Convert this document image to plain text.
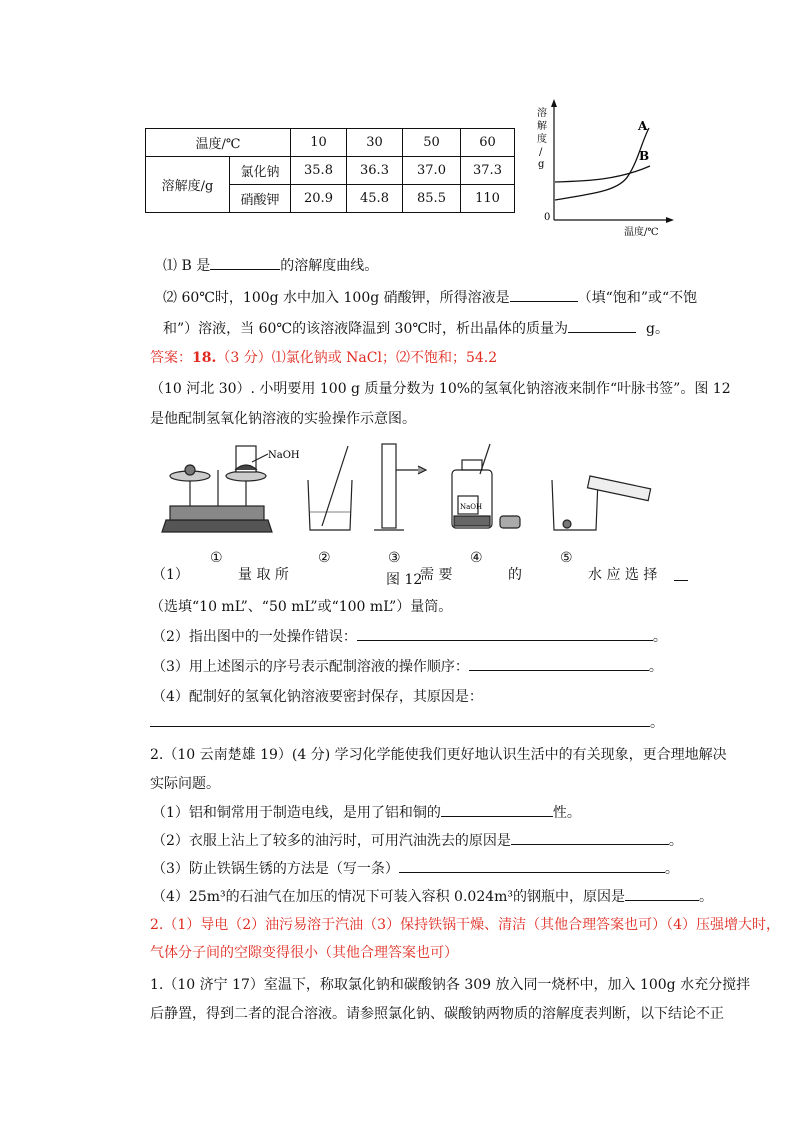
温度/℃		10	30	50	60
溶解度/g	氯化钠	35.8	36.3	37.0	37.3
	硝酸钾	20.9	45.8	85.5	110
溶
解
度
/
g
0
A
B
温度/℃
⑴ B 是	的溶解度曲线。
⑵ 60℃时，100g 水中加入 100g 硝酸钾，所得溶液是	（填“饱和”或“不饱
和”）溶液，当 60℃的该溶液降温到 30℃时，析出晶体的质量为	g。
答案：18.（3 分）⑴氯化钠或 NaCl；⑵不饱和；54.2
（10 河北 30）. 小明要用 100 g 质量分数为 10%的氢氧化钠溶液来制作“叶脉书签”。图 12
是他配制氢氧化钠溶液的实验操作示意图。
NaOH
NaOH
①	②	③	④	⑤
图 12
（1）	量 取 所	需 要	的	水 应 选 择
（选填“10 mL”、“50 mL”或“100 mL”）量筒。
（2）指出图中的一处操作错误：	。
（3）用上述图示的序号表示配制溶液的操作顺序：	。
（4）配制好的氢氧化钠溶液要密封保存，其原因是：
。
2.（10 云南楚雄 19）(4 分) 学习化学能使我们更好地认识生活中的有关现象，更合理地解决
实际问题。
（1）铝和铜常用于制造电线，是用了铝和铜的	性。
（2）衣服上沾上了较多的油污时，可用汽油洗去的原因是	。
（3）防止铁锅生锈的方法是（写一条）	。
（4）25m³的石油气在加压的情况下可装入容积 0.024m³的钢瓶中，原因是	。
2.（1）导电（2）油污易溶于汽油（3）保持铁锅干燥、清洁（其他合理答案也可）（4）压强增大时，
气体分子间的空隙变得很小（其他合理答案也可）
1.（10 济宁 17）室温下，称取氯化钠和碳酸钠各 309 放入同一烧杯中，加入 100g 水充分搅拌
后静置，得到二者的混合溶液。请参照氯化钠、碳酸钠两物质的溶解度表判断，以下结论不正
